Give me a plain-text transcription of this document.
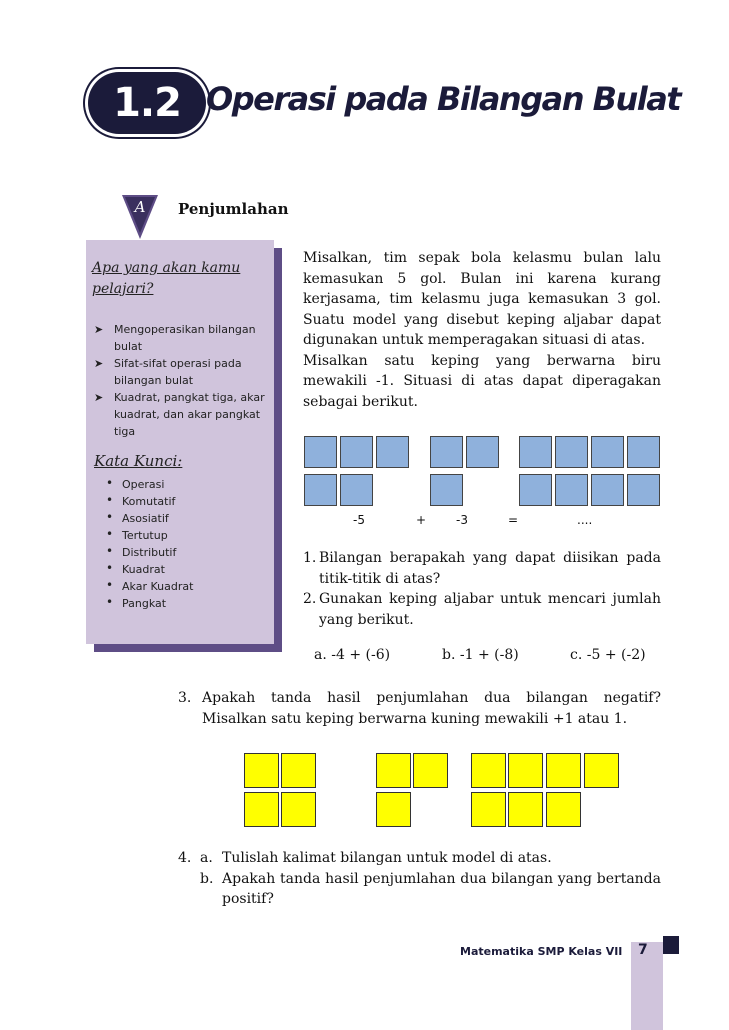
1.2 Operasi pada Bilangan Bulat
A	Penjumlahan
Apa yang akan kamu pelajari?
➤ Mengoperasikan bilangan bulat
➤ Sifat-sifat operasi pada bilangan bulat
➤ Kuadrat, pangkat tiga, akar kuadrat, dan akar pangkat tiga
Kata Kunci:
• Operasi
• Komutatif
• Asosiatif
• Tertutup
• Distributif
• Kuadrat
• Akar Kuadrat
• Pangkat

Misalkan, tim sepak bola kelasmu bulan lalu kemasukan 5 gol. Bulan ini karena kurang kerjasama, tim kelasmu juga kemasukan 3 gol. Suatu model yang disebut keping aljabar dapat digunakan untuk memperagakan situasi di atas.

Misalkan satu keping yang berwarna biru mewakili -1. Situasi di atas dapat diperagakan sebagai berikut.

-5	+ -3	=	....
1. Bilangan berapakah yang dapat diisikan pada titik-titik di atas?
2. Gunakan keping aljabar untuk mencari jumlah yang berikut.
a. -4 + (-6)	b. -1 + (-8)	c. -5 + (-2)
3. Apakah tanda hasil penjumlahan dua bilangan negatif? Misalkan satu keping berwarna kuning mewakili +1 atau 1.
4. a. Tulislah kalimat bilangan untuk model di atas.
b. Apakah tanda hasil penjumlahan dua bilangan yang bertanda positif?
Matematika SMP Kelas VII 7
